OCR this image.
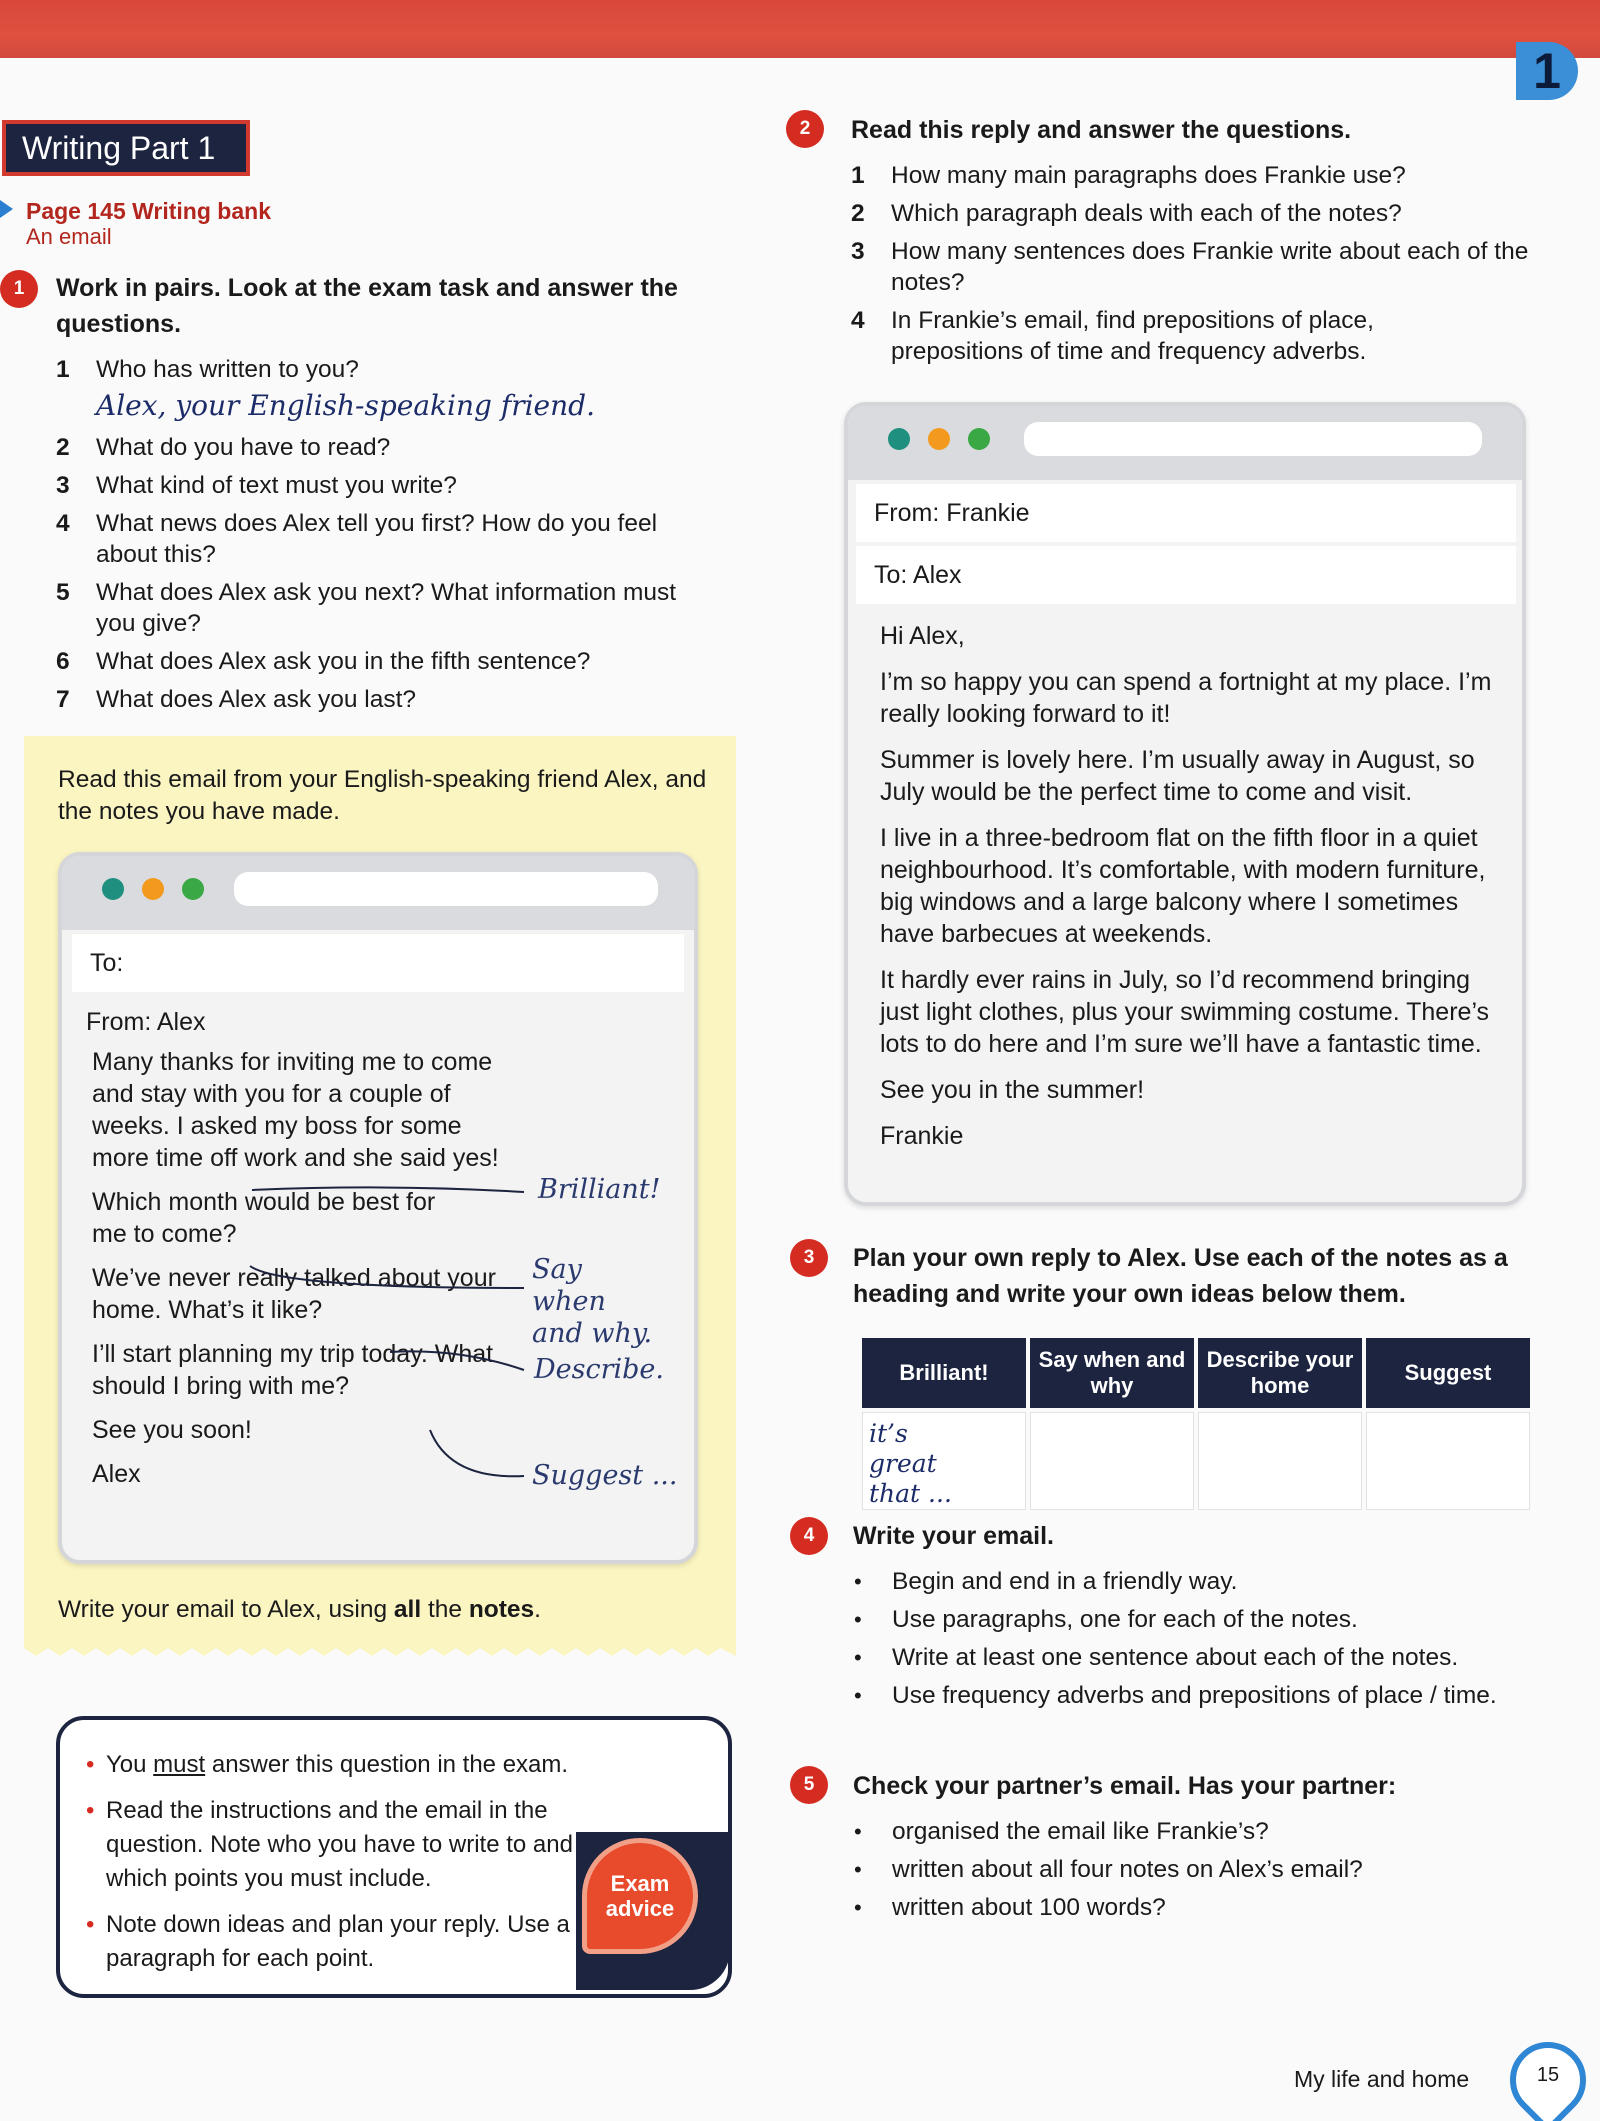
1
Writing Part 1
Page 145 Writing bank
An email
1	Work in pairs. Look at the exam task and answer the questions.
1 Who has written to you?
Alex, your English-speaking friend.
2 What do you have to read?
3 What kind of text must you write?
4 What news does Alex tell you first? How do you feel about this?
5 What does Alex ask you next? What information must you give?
6 What does Alex ask you in the fifth sentence?
7 What does Alex ask you last?
Read this email from your English-speaking friend Alex, and the notes you have made.
To:
From: Alex

Many thanks for inviting me to come and stay with you for a couple of weeks. I asked my boss for some more time off work and she said yes!

Which month would be best for me to come?

We’ve never really talked about your home. What’s it like?

I’ll start planning my trip today. What should I bring with me?

See you soon!

Alex

Brilliant!
Say when and why.
Describe.
Suggest ...
Write your email to Alex, using all the notes.
• You must answer this question in the exam.
• Read the instructions and the email in the question. Note who you have to write to and which points you must include.
• Note down ideas and plan your reply. Use a paragraph for each point.
Exam advice
2	Read this reply and answer the questions.
1 How many main paragraphs does Frankie use?
2 Which paragraph deals with each of the notes?
3 How many sentences does Frankie write about each of the notes?
4 In Frankie’s email, find prepositions of place, prepositions of time and frequency adverbs.
From: Frankie
To: Alex

Hi Alex,

I’m so happy you can spend a fortnight at my place. I’m really looking forward to it!

Summer is lovely here. I’m usually away in August, so July would be the perfect time to come and visit.

I live in a three-bedroom flat on the fifth floor in a quiet neighbourhood. It’s comfortable, with modern furniture, big windows and a large balcony where I sometimes have barbecues at weekends.

It hardly ever rains in July, so I’d recommend bringing just light clothes, plus your swimming costume. There’s lots to do here and I’m sure we’ll have a fantastic time.

See you in the summer!

Frankie

3	Plan your own reply to Alex. Use each of the notes as a heading and write your own ideas below them.
Brilliant!	Say when and why	Describe your home	Suggest

it’s great that ...			

4	Write your email.
• Begin and end in a friendly way.
• Use paragraphs, one for each of the notes.
• Write at least one sentence about each of the notes.
• Use frequency adverbs and prepositions of place / time.
5	Check your partner’s email. Has your partner:
• organised the email like Frankie’s?
• written about all four notes on Alex’s email?
• written about 100 words?
My life and home	15
